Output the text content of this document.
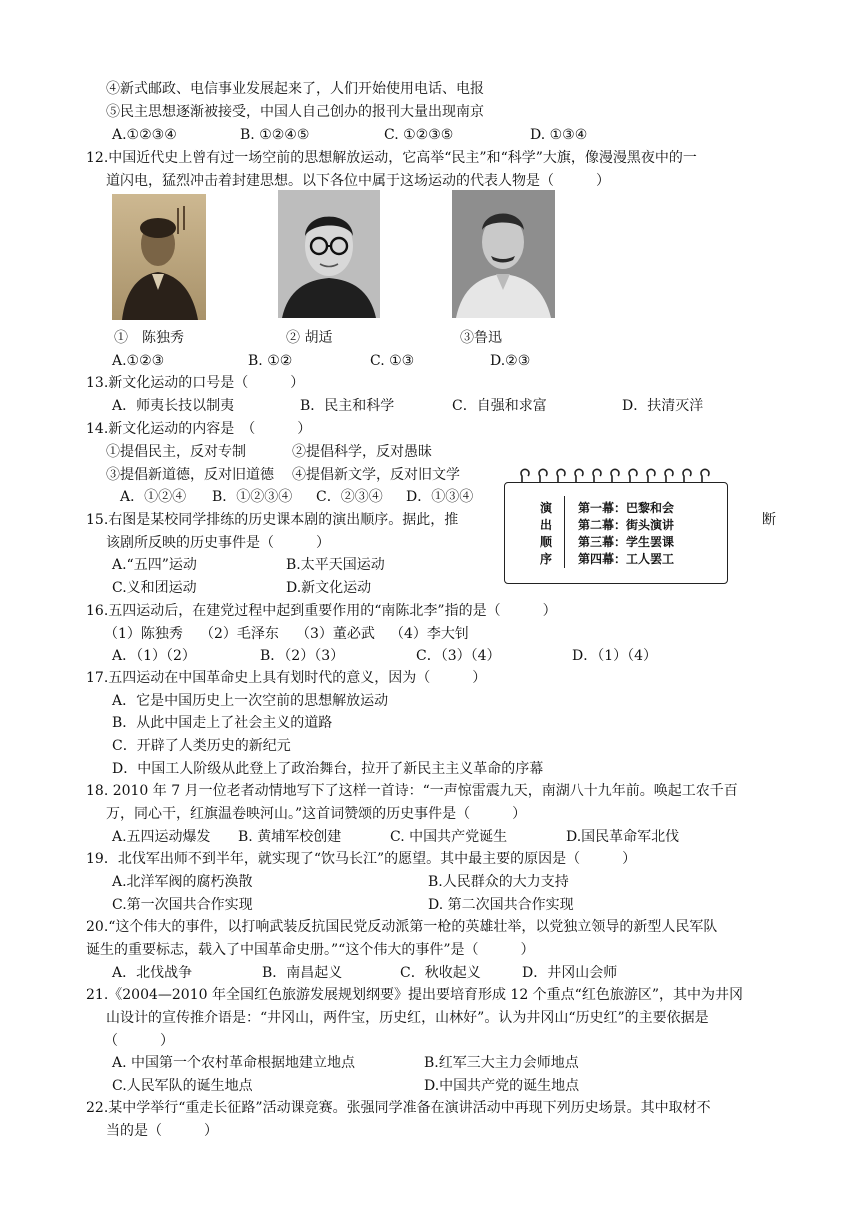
④新式邮政、电信事业发展起来了，人们开始使用电话、电报
⑤民主思想逐渐被接受，中国人自己创办的报刊大量出现南京
A.①②③④	B. ①②④⑤	C. ①②③⑤	D. ①③④
12.中国近代史上曾有过一场空前的思想解放运动，它高举“民主”和“科学”大旗，像漫漫黑夜中的一
道闪电，猛烈冲击着封建思想。以下各位中属于这场运动的代表人物是（　　　）
①　陈独秀	② 胡适	③鲁迅
A.①②③	B. ①②	C. ①③	D.②③
13.新文化运动的口号是（　　　）
A．师夷长技以制夷	B．民主和科学	C．自强和求富	D．扶清灭洋
14.新文化运动的内容是　（　　　）
①提倡民主，反对专制	②提倡科学，反对愚昧
③提倡新道德，反对旧道德 ④提倡新文学，反对旧文学
A．①②④ B．①②③④ C．②③④ D．①③④
演
出
顺
序
第一幕：巴黎和会
第二幕：街头演讲
第三幕：学生罢课
第四幕：工人罢工
15.右图是某校同学排练的历史课本剧的演出顺序。据此，推	断
该剧所反映的历史事件是（　　　）
A.“五四”运动	B.太平天国运动
C.义和团运动	D.新文化运动
16.五四运动后，在建党过程中起到重要作用的“南陈北李”指的是（　　　）
（1）陈独秀 （2）毛泽东 （3）董必武 （4）李大钊
A．（1）（2）	B．（2）（3）	C．（3）（4）	D．（1）（4）
17.五四运动在中国革命史上具有划时代的意义，因为（　　　）
A．它是中国历史上一次空前的思想解放运动
B．从此中国走上了社会主义的道路
C．开辟了人类历史的新纪元
D．中国工人阶级从此登上了政治舞台，拉开了新民主主义革命的序幕
18. 2010 年 7 月一位老者动情地写下了这样一首诗：“一声惊雷震九天，南湖八十九年前。唤起工农千百
万，同心干，红旗温卷映河山。”这首词赞颂的历史事件是（　　　）
A.五四运动爆发 B. 黄埔军校创建	C. 中国共产党诞生	D.国民革命军北伐
19．北伐军出师不到半年，就实现了“饮马长江”的愿望。其中最主要的原因是（　　　）
A.北洋军阀的腐朽涣散	B.人民群众的大力支持
C.第一次国共合作实现	D. 第二次国共合作实现
20.“这个伟大的事件，以打响武装反抗国民党反动派第一枪的英雄壮举，以党独立领导的新型人民军队
诞生的重要标志，载入了中国革命史册。”“这个伟大的事件”是（　　　）
A．北伐战争	B．南昌起义	C．秋收起义	D．井冈山会师
21.《2004—2010 年全国红色旅游发展规划纲要》提出要培育形成 12 个重点“红色旅游区”，其中为井冈
山设计的宣传推介语是：“井冈山，两件宝，历史红，山林好”。认为井冈山“历史红”的主要依据是
（　　　）
A. 中国第一个农村革命根据地建立地点	B.红军三大主力会师地点
C.人民军队的诞生地点	D.中国共产党的诞生地点
22.某中学举行“重走长征路”活动课竞赛。张强同学准备在演讲活动中再现下列历史场景。其中取材不
当的是（　　　）
